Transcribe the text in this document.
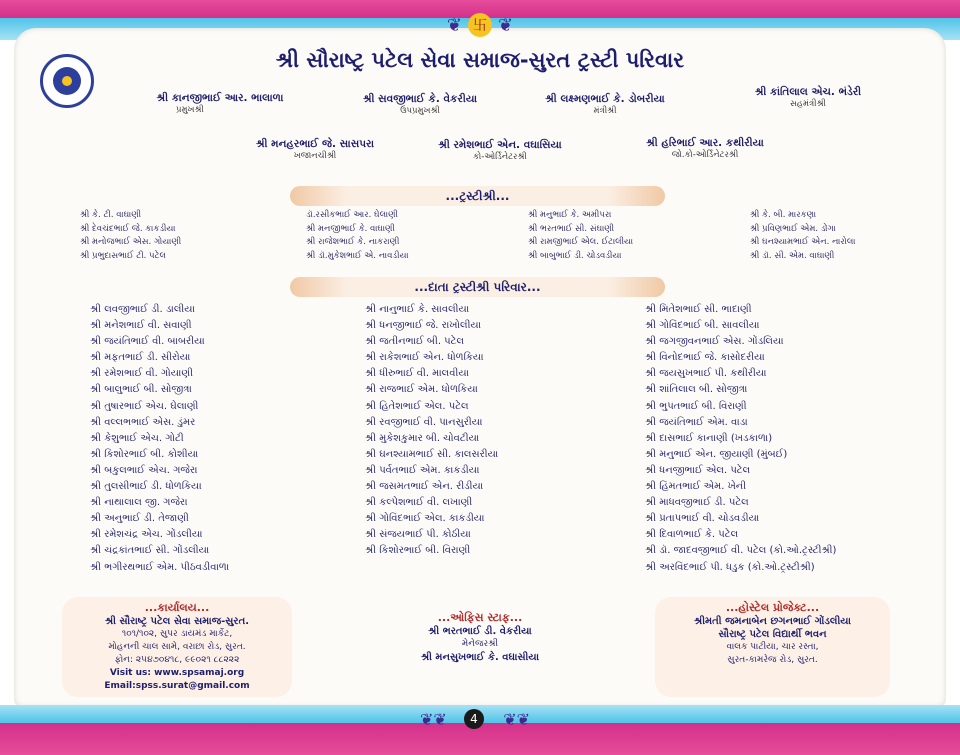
❦ 卐 ❦
શ્રી સૌરાષ્ટ્ર પટેલ સેવા સમાજ-સુરત ટ્રસ્ટી પરિવાર
શ્રી કાનજીભાઈ આર. ભાલાળા
પ્રમુખશ્રી
શ્રી સવજીભાઈ કે. વેકરીયા
ઉપપ્રમુખશ્રી
શ્રી લક્ષ્મણભાઈ કે. ડોબરીયા
મંત્રીશ્રી
શ્રી કાંતિલાલ એચ. ભંડેરી
સહમંત્રીશ્રી
શ્રી મનહરભાઈ જે. સાસપરા
ખજાનચીશ્રી
શ્રી રમેશભાઈ એન. વઘાસિયા
કો-ઓર્ડિનેટરશ્રી
શ્રી હરિભાઈ આર. કથીરીયા
જો.કો-ઓર્ડિનેટરશ્રી
...ટ્રસ્ટીશ્રી...
શ્રી કે. ટી. વાઘાણી
શ્રી દેવચંદભાઈ જે. કાકડીયા
શ્રી મનોજભાઈ એસ. ગોયાણી
શ્રી પ્રભુદાસભાઈ ટી. પટેલ
ડૉ.રસીકભાઈ આર. ઘેલાણી
શ્રી મનજીભાઈ કે. વાઘાણી
શ્રી રાજેશભાઈ કે. નાકરાણી
શ્રી ડૉ.મુકેશભાઈ એ. નાવડીયા
શ્રી મનુભાઈ કે. અમીપરા
શ્રી ભરતભાઈ સી. સંઘાણી
શ્રી રામજીભાઈ એલ. ઈટાલીયા
શ્રી બાબુભાઈ ડી. ચોડવડીયા
શ્રી કે. બી. મારકણા
શ્રી પ્રવિણભાઈ એમ. ડોંગા
શ્રી ઘનશ્યામભાઈ એન. નારોલા
શ્રી ડૉ. સી. એમ. વાઘાણી
...દાતા ટ્રસ્ટીશ્રી પરિવાર...
શ્રી લવજીભાઈ ડી. ડાલીયા
શ્રી મનેશભાઈ વી. સવાણી
શ્રી જયંતિભાઈ વી. બાબરીયા
શ્રી મફતભાઈ ડી. સીરોયા
શ્રી રમેશભાઈ વી. ગોયાણી
શ્રી બાલુભાઈ બી. સોજીત્રા
શ્રી તુષારભાઈ એચ. ઘેલાણી
શ્રી વલ્લભભાઈ એસ. ડુંમર
શ્રી કેશુભાઈ એચ. ગોટી
શ્રી કિશોરભાઈ બી. કોશીયા
શ્રી બકુલભાઈ એચ. ગજેરા
શ્રી તુલસીભાઈ ડી. ધોળકિયા
શ્રી નાથાલાલ જી. ગજેરા
શ્રી અનુભાઈ ડી. તેજાણી
શ્રી રમેશચંદ્ર એચ. ગોંડલીયા
શ્રી ચંદ્રકાંતભાઈ સી. ગોંડલીયા
શ્રી ભગીરથભાઈ એમ. પીઠવડીવાળા
શ્રી નાનુભાઈ કે. સાવલીયા
શ્રી ધનજીભાઈ જે. રાખોલીયા
શ્રી જતીનભાઈ બી. પટેલ
શ્રી રાકેશભાઈ એન. ધોળકિયા
શ્રી ધીરુભાઈ વી. માલવીયા
શ્રી રાજભાઈ એમ. ધોળકિયા
શ્રી હિતેશભાઈ એલ. પટેલ
શ્રી રવજીભાઈ વી. પાનસુરીયા
શ્રી મુકેશકુમાર બી. ચોવટીયા
શ્રી ઘનશ્યામભાઈ સી. કાલસરીયા
શ્રી પર્વતભાઈ એમ. કાકડીયા
શ્રી જસમતભાઈ એન. રીડીયા
શ્રી કલ્પેશભાઈ વી. લખાણી
શ્રી ગોવિંદભાઈ એલ. કાકડીયા
શ્રી સંજયભાઈ પી. કોઠીયા
શ્રી કિશોરભાઈ બી. વિરાણી
શ્રી મિતેશભાઈ સી. ભાદાણી
શ્રી ગોવિંદભાઈ બી. સાવલીયા
શ્રી જગજીવનભાઈ એસ. ગોંડલિયા
શ્રી વિનોદભાઈ જે. કાસોદરીયા
શ્રી જયસુખભાઈ પી. કથીરીયા
શ્રી શાંતિલાલ બી. સોજીત્રા
શ્રી ભુપતભાઈ બી. વિરાણી
શ્રી જયંતિભાઈ એમ. વાડા
શ્રી દાસભાઈ કાનાણી (ખડકાળા)
શ્રી મનુભાઈ એન. જીયાણી (મુંબઈ)
શ્રી ધનજીભાઈ એલ. પટેલ
શ્રી હિંમતભાઈ એમ. ખેની
શ્રી માધવજીભાઈ ડી. પટેલ
શ્રી પ્રતાપભાઈ વી. ચોડવડીયા
શ્રી દિવાળભાઈ કે. પટેલ
શ્રી ડૉ. જાદવજીભાઈ વી. પટેલ (કો.ઓ.ટ્રસ્ટીશ્રી)
શ્રી અરવિંદભાઈ પી. ધડુક (કો.ઓ.ટ્રસ્ટીશ્રી)
...કાર્યાલય...
શ્રી સૌરાષ્ટ્ર પટેલ સેવા સમાજ-સુરત.
૧૦૧/૧૦૨, સુપર ડાયમંડ માર્કેટ,
મોહનની ચાલ સામે, વરાછા રોડ, સુરત.
ફોન: ૨૫૪૭૦૪૧૮, ૯૯૦૨૧ ૮૮૨૨૨
Visit us: www.spsamaj.org
Email:spss.surat@gmail.com
...ઓફિસ સ્ટાફ...
શ્રી ભરતભાઈ ડી. વેકરીયા
મેનેજરશ્રી
શ્રી મનસુખભાઈ કે. વઘાસીયા
...હોસ્ટેલ પ્રોજેક્ટ...
શ્રીમતી જમનાબેન છગનભાઈ ગોંડલીયા
સૌરાષ્ટ્ર પટેલ વિદ્યાર્થી ભવન
વાલક પાટીયા, ચાર રસ્તા,
સુરત-કામરેજ રોડ, સુરત.
❦❦	❦❦
4
